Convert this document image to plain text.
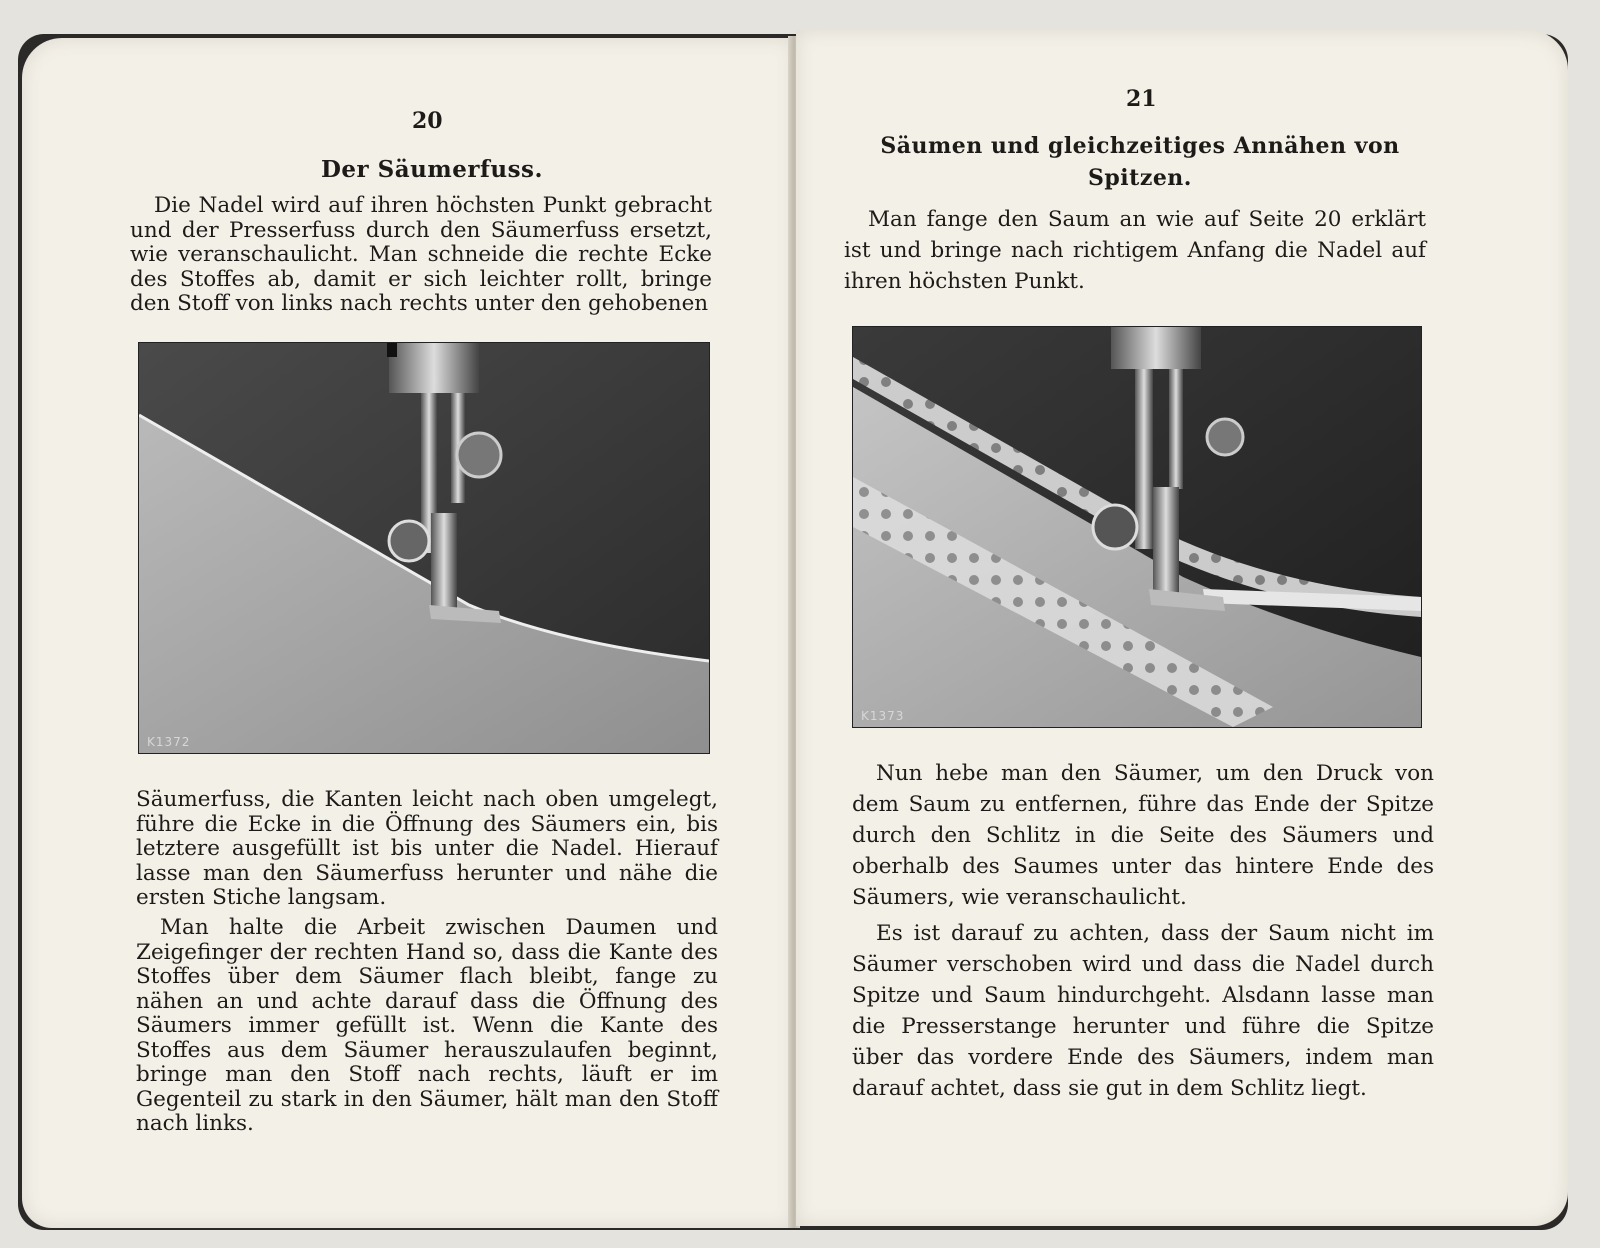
20
Der Säumerfuss.

Die Nadel wird auf ihren höchsten Punkt gebracht und der Presserfuss durch den Säumerfuss ersetzt, wie veranschaulicht. Man schneide die rechte Ecke des Stoffes ab, damit er sich leichter rollt, bringe den Stoff von links nach rechts unter den gehobenen

K1372

Säumerfuss, die Kanten leicht nach oben umgelegt, führe die Ecke in die Öffnung des Säumers ein, bis letztere ausgefüllt ist bis unter die Nadel. Hierauf lasse man den Säumerfuss herunter und nähe die ersten Stiche langsam.

Man halte die Arbeit zwischen Daumen und Zeigefinger der rechten Hand so, dass die Kante des Stoffes über dem Säumer flach bleibt, fange zu nähen an und achte darauf dass die Öffnung des Säumers immer gefüllt ist. Wenn die Kante des Stoffes aus dem Säumer herauszulaufen beginnt, bringe man den Stoff nach rechts, läuft er im Gegenteil zu stark in den Säumer, hält man den Stoff nach links.

21
Säumen und gleichzeitiges Annähen von
Spitzen.

Man fange den Saum an wie auf Seite 20 erklärt ist und bringe nach richtigem Anfang die Nadel auf ihren höchsten Punkt.

K1373

Nun hebe man den Säumer, um den Druck von dem Saum zu entfernen, führe das Ende der Spitze durch den Schlitz in die Seite des Säumers und oberhalb des Saumes unter das hintere Ende des Säumers, wie veranschaulicht.

Es ist darauf zu achten, dass der Saum nicht im Säumer verschoben wird und dass die Nadel durch Spitze und Saum hindurchgeht. Alsdann lasse man die Presserstange herunter und führe die Spitze über das vordere Ende des Säumers, indem man darauf achtet, dass sie gut in dem Schlitz liegt.
